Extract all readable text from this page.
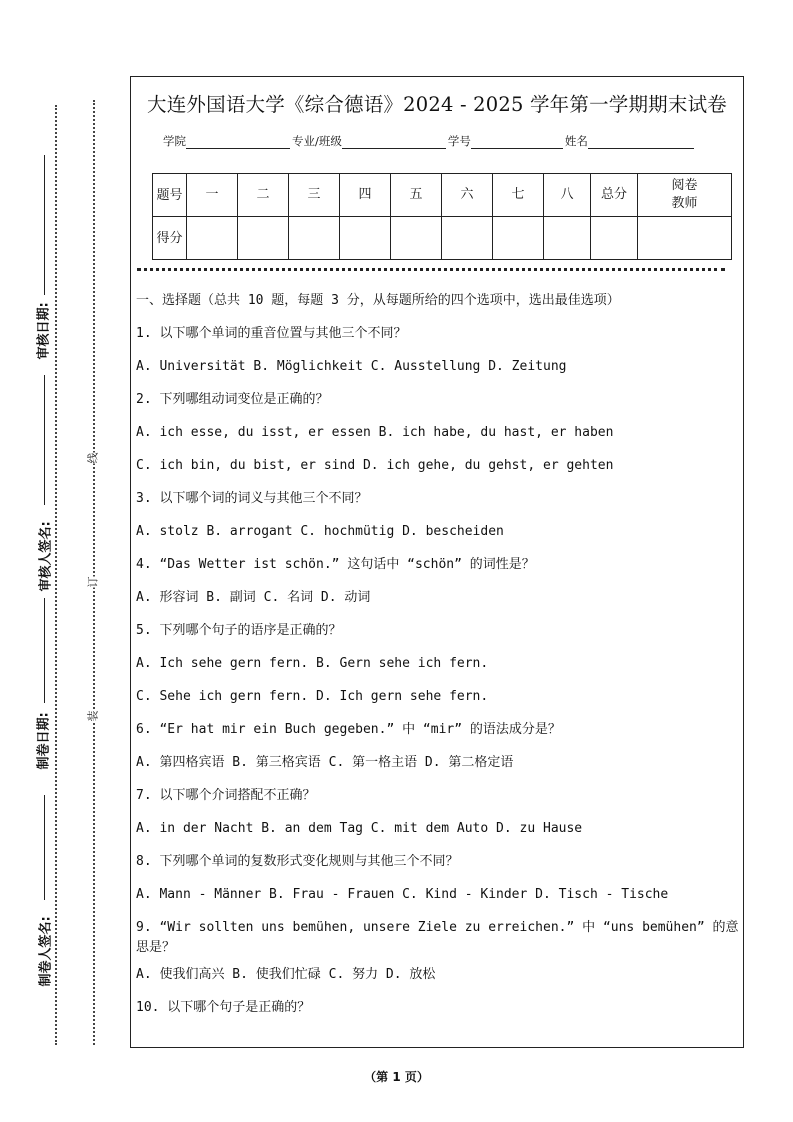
审核日期:
审核人签名:
制卷日期:
制卷人签名:
线
订
装
大连外国语大学《综合德语》2024 - 2025 学年第一学期期末试卷
学院	专业/班级	学号	姓名
题号	一	二	三	四	五	六	七	八	总分	阅卷教师
得分										
一、选择题（总共 10 题，每题 3 分，从每题所给的四个选项中，选出最佳选项）
1. 以下哪个单词的重音位置与其他三个不同？
A. Universität B. Möglichkeit C. Ausstellung D. Zeitung
2. 下列哪组动词变位是正确的？
A. ich esse, du isst, er essen B. ich habe, du hast, er haben
C. ich bin, du bist, er sind D. ich gehe, du gehst, er gehten
3. 以下哪个词的词义与其他三个不同？
A. stolz B. arrogant C. hochmütig D. bescheiden
4. “Das Wetter ist schön.” 这句话中 “schön” 的词性是？
A. 形容词 B. 副词 C. 名词 D. 动词
5. 下列哪个句子的语序是正确的？
A. Ich sehe gern fern. B. Gern sehe ich fern.
C. Sehe ich gern fern. D. Ich gern sehe fern.
6. “Er hat mir ein Buch gegeben.” 中 “mir” 的语法成分是？
A. 第四格宾语 B. 第三格宾语 C. 第一格主语 D. 第二格定语
7. 以下哪个介词搭配不正确？
A. in der Nacht B. an dem Tag C. mit dem Auto D. zu Hause
8. 下列哪个单词的复数形式变化规则与其他三个不同？
A. Mann - Männer B. Frau - Frauen C. Kind - Kinder D. Tisch - Tische
9. “Wir sollten uns bemühen, unsere Ziele zu erreichen.” 中 “uns bemühen” 的意思是？
A. 使我们高兴 B. 使我们忙碌 C. 努力 D. 放松
10. 以下哪个句子是正确的？
（第 1 页）
